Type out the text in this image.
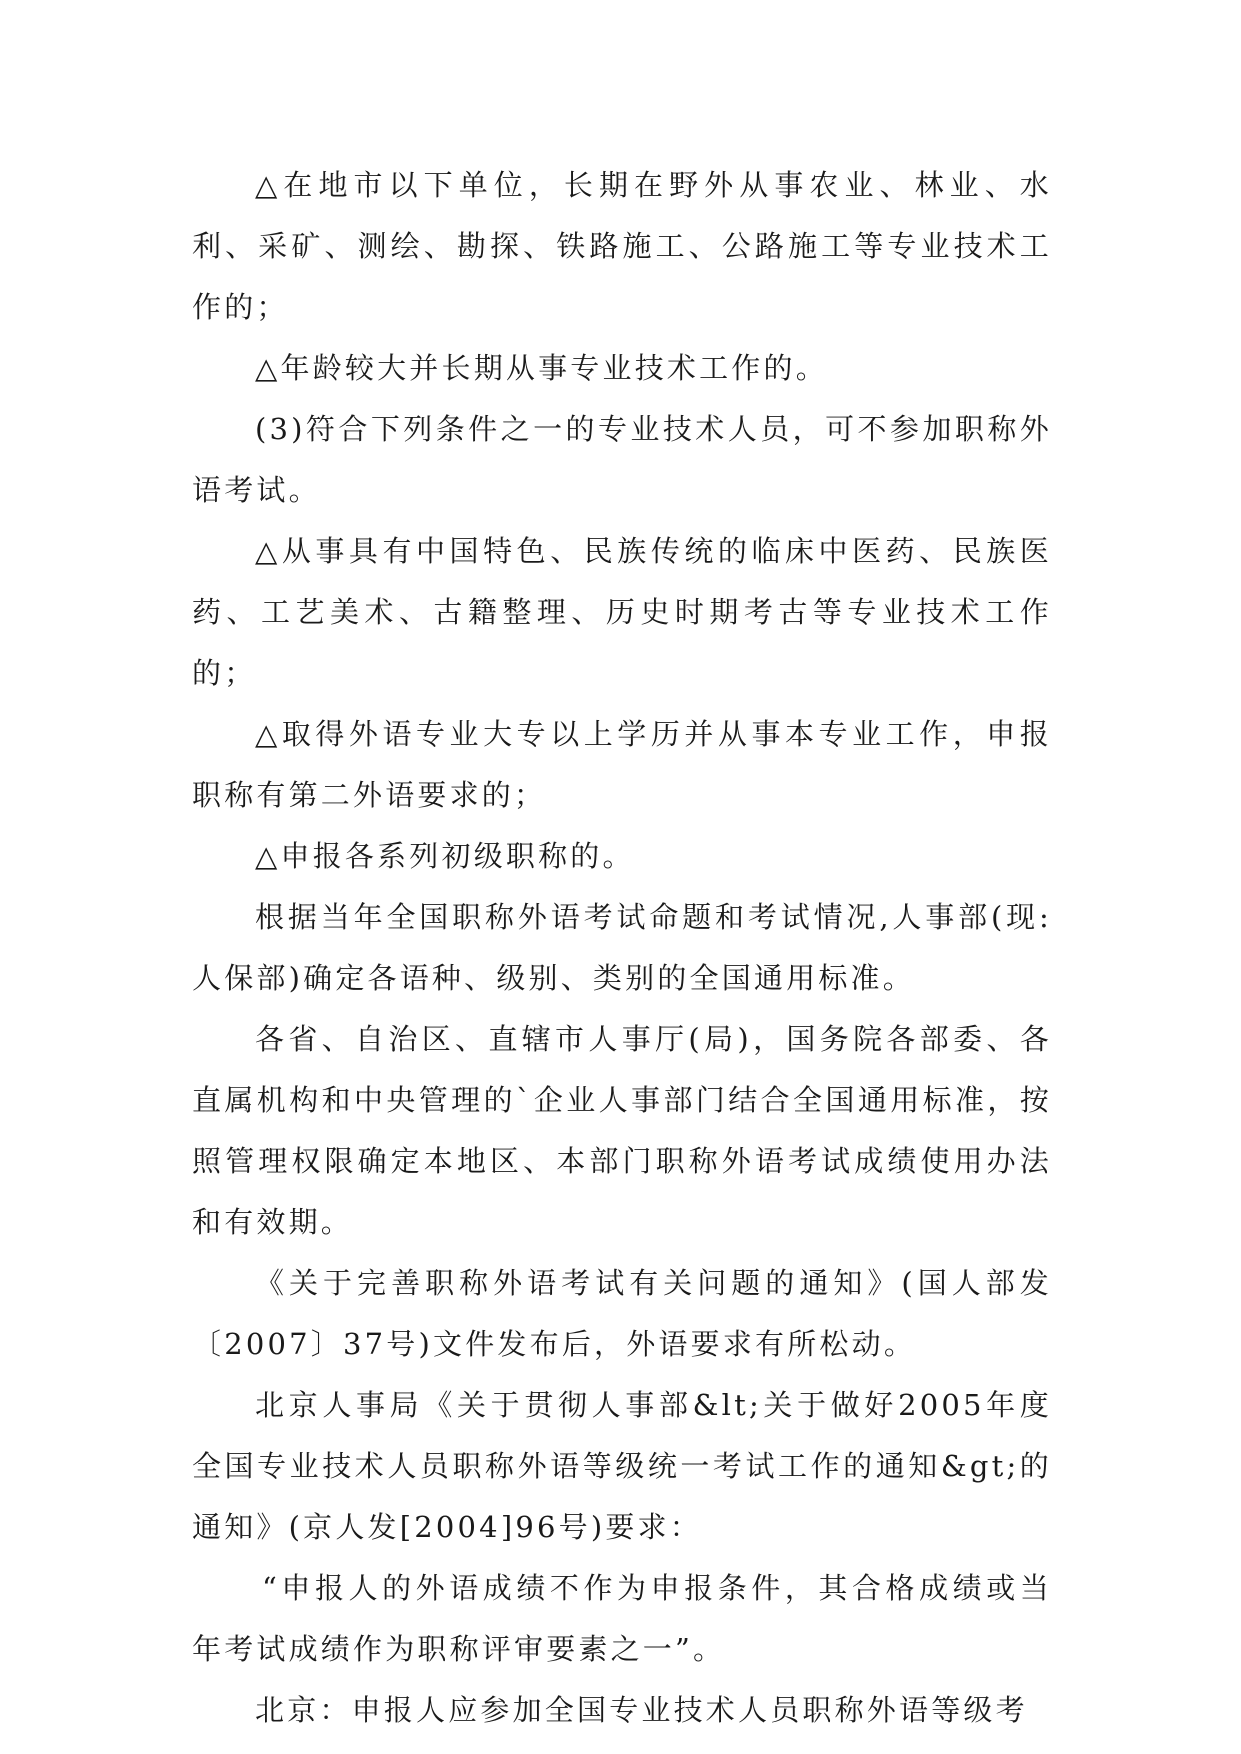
△在地市以下单位，长期在野外从事农业、林业、水利、采矿、测绘、勘探、铁路施工、公路施工等专业技术工作的；

△年龄较大并长期从事专业技术工作的。

(3)符合下列条件之一的专业技术人员，可不参加职称外语考试。

△从事具有中国特色、民族传统的临床中医药、民族医药、工艺美术、古籍整理、历史时期考古等专业技术工作的；

△取得外语专业大专以上学历并从事本专业工作，申报职称有第二外语要求的；

△申报各系列初级职称的。

根据当年全国职称外语考试命题和考试情况,人事部(现:人保部)确定各语种、级别、类别的全国通用标准。

各省、自治区、直辖市人事厅(局)，国务院各部委、各直属机构和中央管理的`企业人事部门结合全国通用标准，按照管理权限确定本地区、本部门职称外语考试成绩使用办法和有效期。

《关于完善职称外语考试有关问题的通知》(国人部发〔2007〕37号)文件发布后，外语要求有所松动。

北京人事局《关于贯彻人事部&lt;关于做好2005年度全国专业技术人员职称外语等级统一考试工作的通知&gt;的通知》(京人发[2004]96号)要求：

“申报人的外语成绩不作为申报条件，其合格成绩或当年考试成绩作为职称评审要素之一”。

北京：申报人应参加全国专业技术人员职称外语等级考
